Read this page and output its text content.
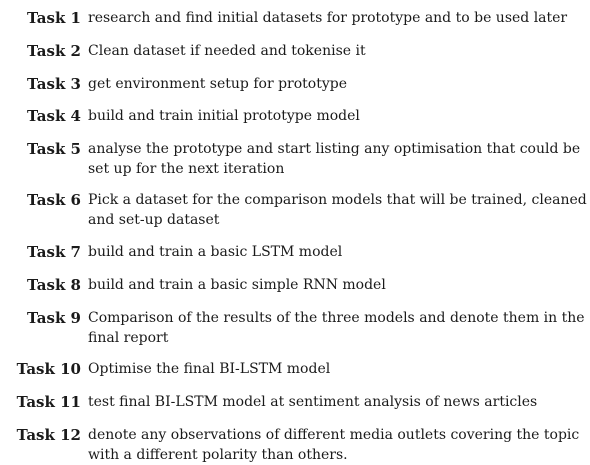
Task 1 research and find initial datasets for prototype and to be used later
Task 2 Clean dataset if needed and tokenise it
Task 3 get environment setup for prototype
Task 4 build and train initial prototype model
Task 5 analyse the prototype and start listing any optimisation that could be
set up for the next iteration
Task 6 Pick a dataset for the comparison models that will be trained, cleaned
and set-up dataset
Task 7 build and train a basic LSTM model
Task 8 build and train a basic simple RNN model
Task 9 Comparison of the results of the three models and denote them in the
final report
Task 10 Optimise the final BI-LSTM model
Task 11 test final BI-LSTM model at sentiment analysis of news articles
Task 12 denote any observations of different media outlets covering the topic
with a different polarity than others.
